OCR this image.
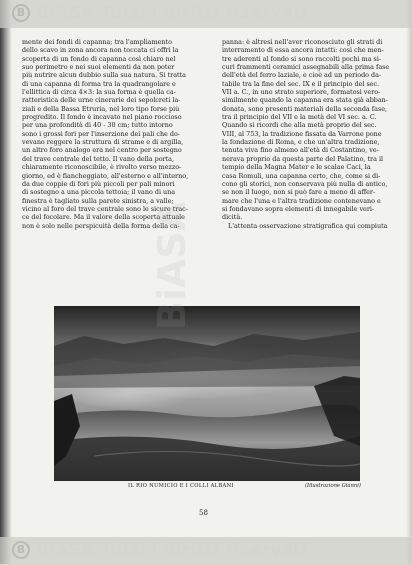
B BiASA Tutti i diritti riservati
BiASA
mente dei fondi di capanna; tra l'ampliamento
dello scavo in zona ancora non toccata ci offrì la
scoperta di un fondo di capanna così chiaro nel
suo perimetro e nei suoi elementi da non poter
più nutrire alcun dubbio sulla sua natura. Si tratta
di una capanna di forma tra la quadrangolare e
l'ellittica di circa 4×3: la sua forma è quella ca-
ratteristica delle urne cinerarie dei sepolcreti la-
ziali e della Bassa Etruria, nel loro tipo forse più
progredito. Il fondo è incavato nel piano roccioso
per una profondità di 40 - 30 cm; tutto intorno
sono i grossi fori per l'inserzione dei pali che do-
vevano reggere la struttura di strame e di argilla,
un altro foro analogo era nel centro per sostegno
del trave centrale del tetto. Il vano della porta,
chiaramente riconoscibile, è rivolto verso mezzo-
giorno, ed è fiancheggiato, all'esterno e all'interno,
da due coppie di fori più piccoli per pali minori
di sostegno a una piccola tettoia; il vano di una
finestra è tagliato sulla parete sinistra, a valle;
vicino al foro del trave centrale sono le sicure trac-
ce del focolare. Ma il valore della scoperta attuale
non è solo nelle perspicuità della forma della ca-
panna: è altresì nell'aver riconosciuto gli strati di
interramento di essa ancora intatti: così che men-
tre aderenti al fondo si sono raccolti pochi ma si-
curi frammenti ceramici assegnabili alla prima fase
dell'età del ferro laziale, e cioè ad un periodo da-
tabile tra la fine del sec. IX e il principio del sec.
VII a. C., in uno strato superiore, formatosi vero-
similmente quando la capanna era stata già abban-
donata, sono presenti materiali della seconda fase,
tra il principio del VII e la metà del VI sec. a. C.
Quando si ricordi che alla metà proprio del sec.
VIII, al 753, la tradizione fissata da Varrone pone
la fondazione di Roma, e che un'altra tradizione,
tenuta viva fino almeno all'età di Costantino, ve-
nerava proprio da questa parte del Palatino, tra il
tempio della Magna Mater e le scalae Caci, la
casa Romuli, una capanna certo, che, come si di-
cono gli storici, non conservava più nulla di antico,
se non il luogo, non si può fare a meno di affer-
mare che l'una e l'altra tradizione contenevano e
si fondavano sopra elementi di innegabile veri-
dicità.
L'attenta osservazione stratigrafica qui compiuta
IL RIO NUMICIO E I COLLI ALBANI	(Illustrazione Gianni)
58
B BiASA Tutti i diritti riservati
